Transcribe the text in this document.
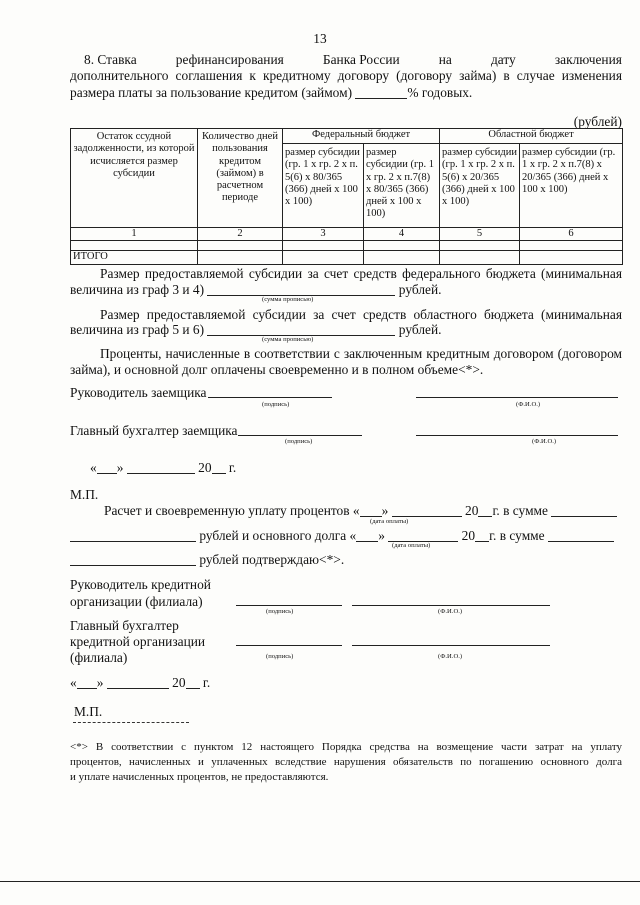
13
8. Ставка	рефинансирования	Банка России	на	дату	заключения
дополнительного соглашения к кредитному договору (договору займа) в случае изменения
размера платы за пользование кредитом (займом)	% годовых.
(рублей)
Остаток ссудной задолженности, из которой исчисляется размер субсидии	Количество дней пользования кредитом (займом) в расчетном периоде	Федеральный бюджет		Областной бюджет	
		размер субсидии (гр. 1 х гр. 2 х п. 5(6) х 80/365 (366) дней х 100 х 100)	размер субсидии (гр. 1 х гр. 2 х п.7(8) х 80/365 (366) дней х 100 х 100)	размер субсидии (гр. 1 х гр. 2 х п. 5(6) х 20/365 (366) дней х 100 х 100)	размер субсидии (гр. 1 х гр. 2 х п.7(8) х 20/365 (366) дней х 100 х 100)
1	2	3	4	5	6

ИТОГО					
Размер предоставляемой субсидии за счет средств федерального бюджета (минимальная
величина из граф 3 и 4)	рублей.
(сумма прописью)
Размер предоставляемой субсидии за счет средств областного бюджета (минимальная
величина из граф 5 и 6)	рублей.
(сумма прописью)
Проценты, начисленные в соответствии с заключенным кредитным договором (договором
займа), и основной долг оплачены своевременно и в полном объеме<*>.
Руководитель заемщика
(подпись)	(Ф.И.О.)
Главный бухгалтер заемщика
(подпись)	(Ф.И.О.)
« »	20 г.
М.П.
Расчет и своевременную уплату процентов « »	20 г. в сумме
(дата оплаты)
рублей и основного долга « »	20 г. в сумме
(дата оплаты)
рублей подтверждаю<*>.
Руководитель кредитной
организации (филиала)
(подпись)	(Ф.И.О.)
Главный бухгалтер
кредитной организации
(филиала)	(подпись)	(Ф.И.О.)
« »	20 г.
М.П.
<*> В соответствии с пунктом 12 настоящего Порядка средства на возмещение части затрат на уплату
процентов, начисленных и уплаченных вследствие нарушения обязательств по погашению основного долга
и уплате начисленных процентов, не предоставляются.
